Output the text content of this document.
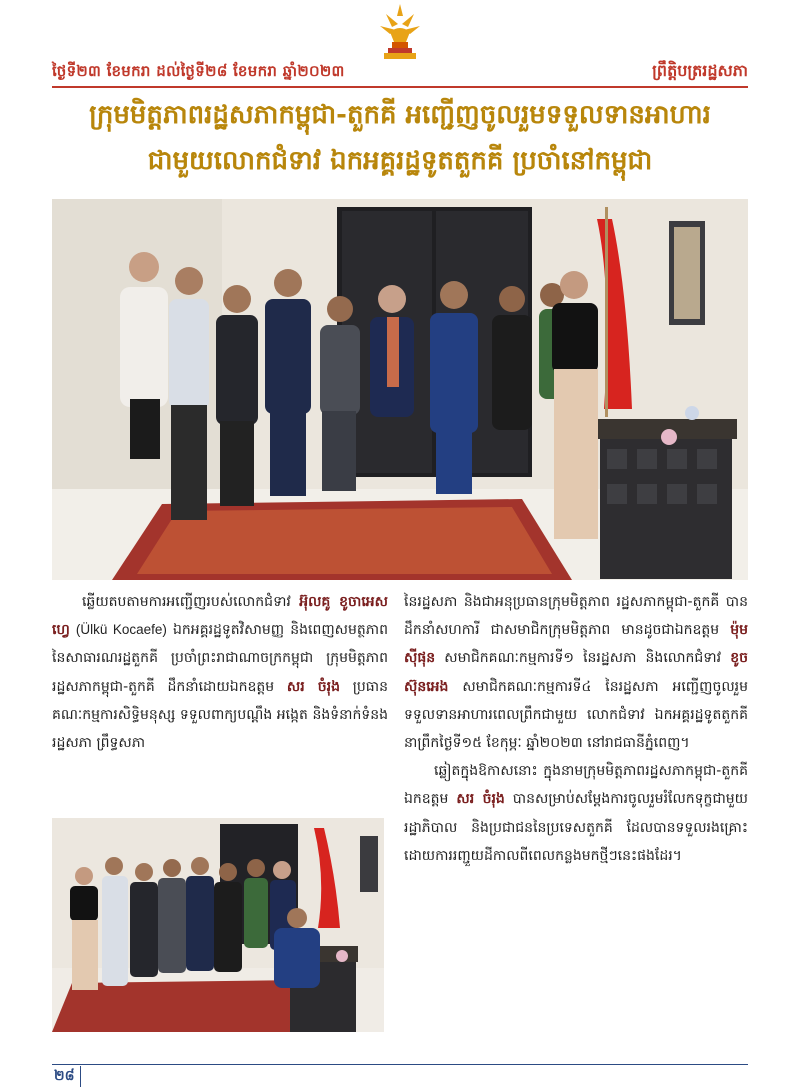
ថ្ងៃទី២៣ ខែមករា ដល់ថ្ងៃទី២៨ ខែមករា ឆ្នាំ២០២៣	ព្រឹត្តិបត្ររដ្ឋសភា
ក្រុមមិត្តភាពរដ្ឋសភាកម្ពុជា-តួកគី អញ្ជើញចូលរួមទទួលទានអាហារ
ជាមួយលោកជំទាវ ឯកអគ្គរដ្ឋទូតតួកគី ប្រចាំនៅកម្ពុជា
ឆ្លើយតបតាមការអញ្ជើញរបស់លោកជំទាវ អ៊ុលគូ ខូចាអេសហ្វេ (Ülkü Kocaefe) ឯកអគ្គរដ្ឋទូតវិសាមញ្ញ និងពេញសមត្ថភាព នៃសាធារណរដ្ឋតួកគី ប្រចាំព្រះរាជាណាចក្រកម្ពុជា ក្រុមមិត្តភាពរដ្ឋសភាកម្ពុជា-តួកគី ដឹកនាំដោយឯកឧត្តម សរ ចំរុង ប្រធានគណៈកម្មការសិទ្ធិមនុស្ស ទទួលពាក្យបណ្ដឹង អង្កេត និងទំនាក់ទំនងរដ្ឋសភា ព្រឹទ្ធសភា
នៃរដ្ឋសភា និងជាអនុប្រធានក្រុមមិត្តភាព រដ្ឋសភាកម្ពុជា-តួកគី បានដឹកនាំសហការី ជាសមាជិកក្រុមមិត្តភាព មានដូចជាឯកឧត្តម ម៉ុម ស៊ីផុន សមាជិកគណៈកម្មការទី១ នៃរដ្ឋសភា និងលោកជំទាវ ខូច ស៊ុនអេង សមាជិកគណៈកម្មការទី៤ នៃរដ្ឋសភា អញ្ជើញចូលរួមទទួលទានអាហារពេលព្រឹកជាមួយ លោកជំទាវ ឯកអគ្គរដ្ឋទូតតួកគី នាព្រឹកថ្ងៃទី១៥ ខែកុម្ភៈ ឆ្នាំ២០២៣ នៅរាជធានីភ្នំពេញ។
ឆ្លៀតក្នុងឱកាសនោះ ក្នុងនាមក្រុមមិត្តភាពរដ្ឋសភាកម្ពុជា-តួកគី ឯកឧត្តម សរ ចំរុង បានសម្រាប់សម្ដែងការចូលរួមរំលែកទុក្ខជាមួយរដ្ឋាភិបាល និងប្រជាជននៃប្រទេសតួកគី ដែលបានទទួលរងគ្រោះដោយការរញ្ជួយដីកាលពីពេលកន្លងមកថ្មីៗនេះផងដែរ។
២៨
